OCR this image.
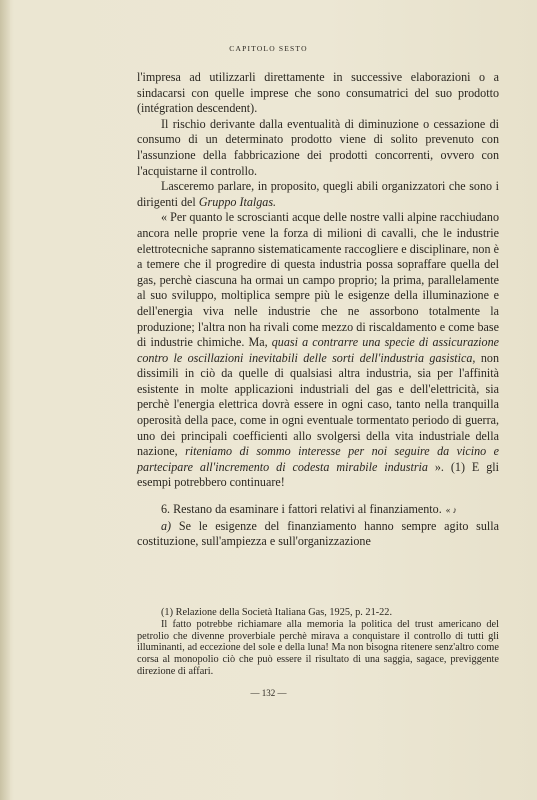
CAPITOLO SESTO

l'impresa ad utilizzarli direttamente in successive elaborazioni o a sindacarsi con quelle imprese che sono consumatrici del suo prodotto (intégration descendent).

Il rischio derivante dalla eventualità di diminuzione o cessazione di consumo di un determinato prodotto viene di solito prevenuto con l'assunzione della fabbricazione dei prodotti concorrenti, ovvero con l'acquistarne il controllo.

Lasceremo parlare, in proposito, quegli abili organizzatori che sono i dirigenti del Gruppo Italgas.

« Per quanto le scroscianti acque delle nostre valli alpine racchiudano ancora nelle proprie vene la forza di milioni di cavalli, che le industrie elettrotecniche sapranno sistematicamente raccogliere e disciplinare, non è a temere che il progredire di questa industria possa sopraffare quella del gas, perchè ciascuna ha ormai un campo proprio; la prima, parallelamente al suo sviluppo, moltiplica sempre più le esigenze della illuminazione e dell'energia viva nelle industrie che ne assorbono totalmente la produzione; l'altra non ha rivali come mezzo di riscaldamento e come base di industrie chimiche. Ma, quasi a contrarre una specie di assicurazione contro le oscillazioni inevitabili delle sorti dell'industria gasistica, non dissimili in ciò da quelle di qualsiasi altra industria, sia per l'affinità esistente in molte applicazioni industriali del gas e dell'elettricità, sia perchè l'energia elettrica dovrà essere in ogni caso, tanto nella tranquilla operosità della pace, come in ogni eventuale tormentato periodo di guerra, uno dei principali coefficienti allo svolgersi della vita industriale della nazione, riteniamo di sommo interesse per noi seguire da vicino e partecipare all'incremento di codesta mirabile industria ». (1) E gli esempi potrebbero continuare!

6. Restano da esaminare i fattori relativi al finanziamento. « ♪

a) Se le esigenze del finanziamento hanno sempre agito sulla costituzione, sull'ampiezza e sull'organizzazione

(1) Relazione della Società Italiana Gas, 1925, p. 21-22.

Il fatto potrebbe richiamare alla memoria la politica del trust americano del petrolio che divenne proverbiale perchè mirava a conquistare il controllo di tutti gli illuminanti, ad eccezione del sole e della luna! Ma non bisogna ritenere senz'altro come corsa al monopolio ciò che può essere il risultato di una saggia, sagace, previggente direzione di affari.

— 132 —
